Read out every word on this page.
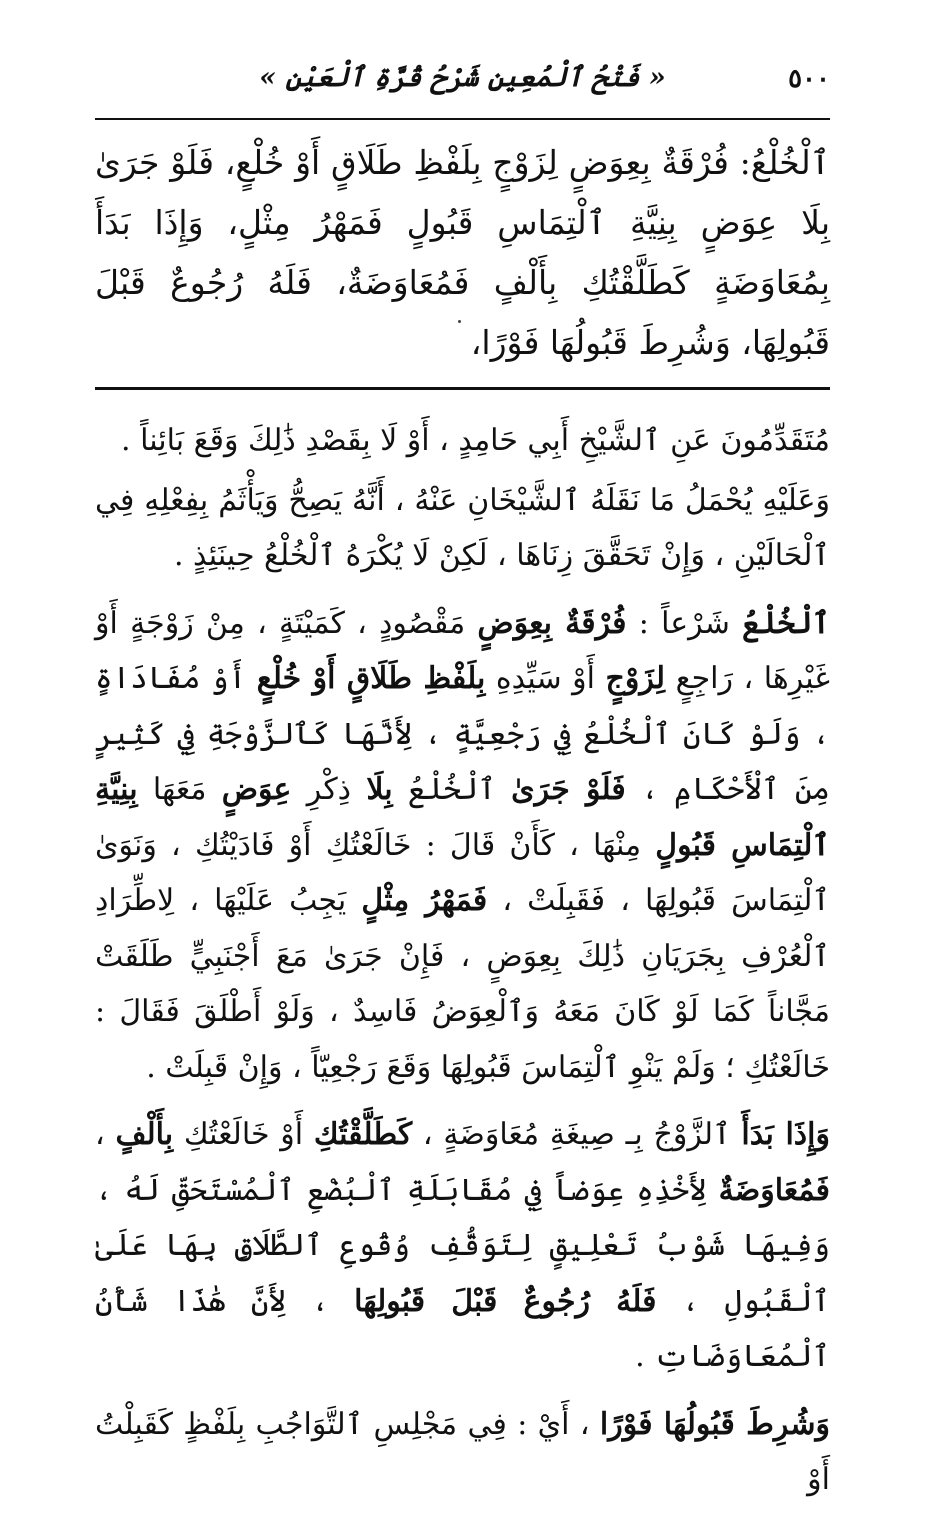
٥٠٠
« فَتْحُ ٱلْمُعِينِ شَرْحُ قُرَّةِ ٱلْعَيْنِ »

ٱلْخُلْعُ: فُرْقَةٌ بِعِوَضٍ لِزَوْجٍ بِلَفْظِ طَلَاقٍ أَوْ خُلْعٍ، فَلَوْ جَرَىٰ بِلَا عِوَضٍ بِنِيَّةِ ٱلْتِمَاسِ قَبُولٍ فَمَهْرُ مِثْلٍ، وَإِذَا بَدَأَ بِمُعَاوَضَةٍ كَطَلَّقْتُكِ بِأَلْفٍ فَمُعَاوَضَةٌ، فَلَهُ رُجُوعٌ قَبْلَ قَبُولِهَا، وَشُرِطَ قَبُولُهَا فَوْرًا،

مُتَقَدِّمُونَ عَنِ ٱلشَّيْخِ أَبِي حَامِدٍ ، أَوْ لَا بِقَصْدِ ذَٰلِكَ وَقَعَ بَائِناً .

وَعَلَيْهِ يُحْمَلُ مَا نَقَلَهُ ٱلشَّيْخَانِ عَنْهُ ، أَنَّهُ يَصِحُّ وَيَأْثَمُ بِفِعْلِهِ فِي ٱلْحَالَيْنِ ، وَإِنْ تَحَقَّقَ زِنَاهَا ، لَكِنْ لَا يُكْرَهُ ٱلْخُلْعُ حِينَئِذٍ .

ٱلْخُلْعُ شَرْعاً : فُرْقَةٌ بِعِوَضٍ مَقْصُودٍ ، كَمَيْتَةٍ ، مِنْ زَوْجَةٍ أَوْ غَيْرِهَا ، رَاجِعٍ لِزَوْجٍ أَوْ سَيِّدِهِ بِلَفْظِ طَلَاقٍ أَوْ خُلْعٍ أَوْ مُفَادَاةٍ ، وَلَوْ كَانَ ٱلْخُلْعُ فِي رَجْعِيَّةٍ ، لِأَنَّهَا كَٱلزَّوْجَةِ فِي كَثِيرٍ مِنَ ٱلْأَحْكَامِ ، فَلَوْ جَرَىٰ ٱلْخُلْعُ بِلَا ذِكْرِ عِوَضٍ مَعَهَا بِنِيَّةِ ٱلْتِمَاسِ قَبُولٍ مِنْهَا ، كَأَنْ قَالَ : خَالَعْتُكِ أَوْ فَادَيْتُكِ ، وَنَوَىٰ ٱلْتِمَاسَ قَبُولِهَا ، فَقَبِلَتْ ، فَمَهْرُ مِثْلٍ يَجِبُ عَلَيْهَا ، لِاطِّرَادِ ٱلْعُرْفِ بِجَرَيَانِ ذَٰلِكَ بِعِوَضٍ ، فَإِنْ جَرَىٰ مَعَ أَجْنَبِيٍّ طَلَقَتْ مَجَّاناً كَمَا لَوْ كَانَ مَعَهُ وَٱلْعِوَضُ فَاسِدٌ ، وَلَوْ أَطْلَقَ فَقَالَ : خَالَعْتُكِ ؛ وَلَمْ يَنْوِ ٱلْتِمَاسَ قَبُولِهَا وَقَعَ رَجْعِيّاً ، وَإِنْ قَبِلَتْ .

وَإِذَا بَدَأَ ٱلزَّوْجُ بِـ صِيغَةِ مُعَاوَضَةٍ ، كَطَلَّقْتُكِ أَوْ خَالَعْتُكِ بِأَلْفٍ ، فَمُعَاوَضَةٌ لِأَخْذِهِ عِوَضاً فِي مُقَابَلَةِ ٱلْبُضْعِ ٱلْمُسْتَحَقِّ لَهُ ، وَفِيهَا شَوْبُ تَعْلِيقٍ لِتَوَقُّفِ وُقُوعِ ٱلطَّلَاقِ بِهَا عَلَىٰ ٱلْقَبُولِ ، فَلَهُ رُجُوعٌ قَبْلَ قَبُولِهَا ، لِأَنَّ هَٰذَا شَأْنُ ٱلْمُعَاوَضَاتِ .

وَشُرِطَ قَبُولُهَا فَوْرًا ، أَيْ : فِي مَجْلِسِ ٱلتَّوَاجُبِ بِلَفْظٍ كَقَبِلْتُ أَوْ
